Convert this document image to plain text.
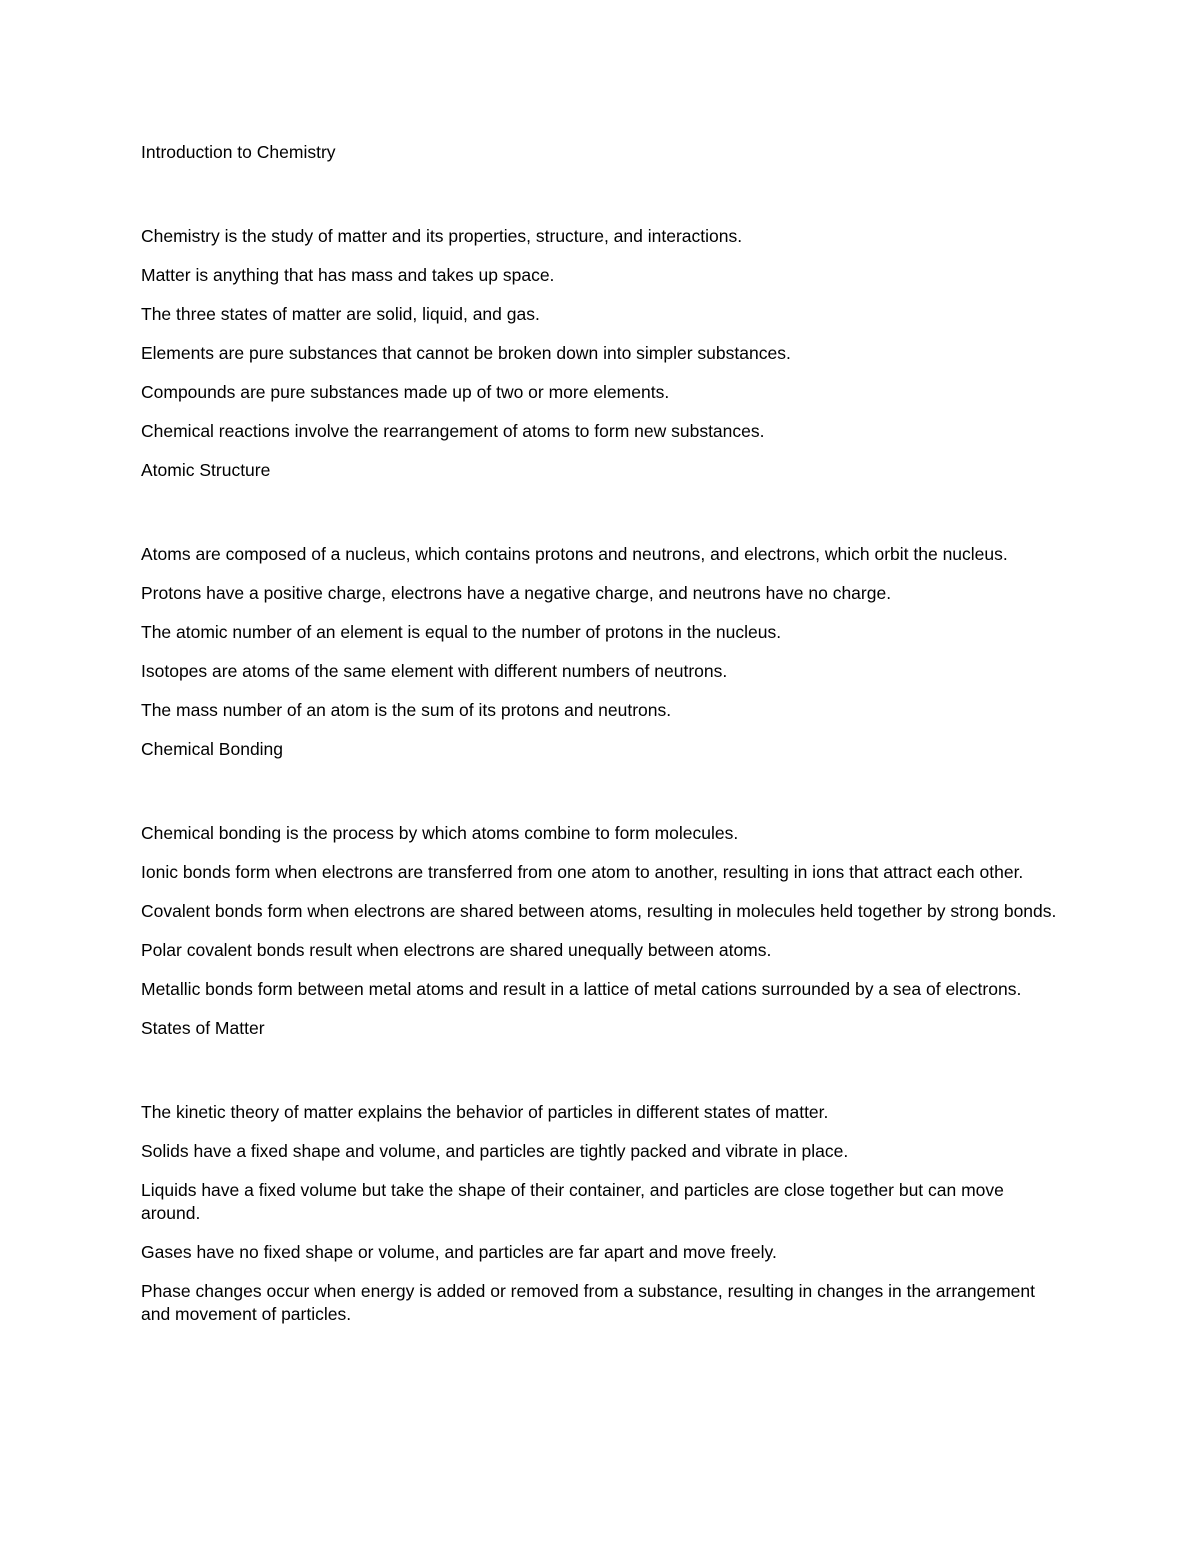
Introduction to Chemistry

Chemistry is the study of matter and its properties, structure, and interactions.

Matter is anything that has mass and takes up space.

The three states of matter are solid, liquid, and gas.

Elements are pure substances that cannot be broken down into simpler substances.

Compounds are pure substances made up of two or more elements.

Chemical reactions involve the rearrangement of atoms to form new substances.

Atomic Structure

Atoms are composed of a nucleus, which contains protons and neutrons, and electrons, which orbit the nucleus.

Protons have a positive charge, electrons have a negative charge, and neutrons have no charge.

The atomic number of an element is equal to the number of protons in the nucleus.

Isotopes are atoms of the same element with different numbers of neutrons.

The mass number of an atom is the sum of its protons and neutrons.

Chemical Bonding

Chemical bonding is the process by which atoms combine to form molecules.

Ionic bonds form when electrons are transferred from one atom to another, resulting in ions that attract each other.

Covalent bonds form when electrons are shared between atoms, resulting in molecules held together by strong bonds.

Polar covalent bonds result when electrons are shared unequally between atoms.

Metallic bonds form between metal atoms and result in a lattice of metal cations surrounded by a sea of electrons.

States of Matter

The kinetic theory of matter explains the behavior of particles in different states of matter.

Solids have a fixed shape and volume, and particles are tightly packed and vibrate in place.

Liquids have a fixed volume but take the shape of their container, and particles are close together but can move around.

Gases have no fixed shape or volume, and particles are far apart and move freely.

Phase changes occur when energy is added or removed from a substance, resulting in changes in the arrangement and movement of particles.
